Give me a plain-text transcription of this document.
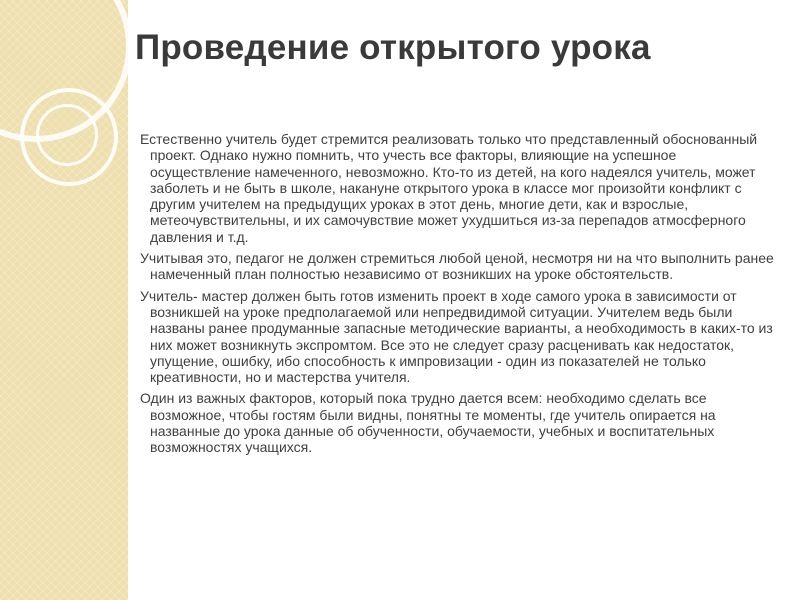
Проведение открытого урока

Естественно учитель будет стремится реализовать только что представленный обоснованный проект. Однако нужно помнить, что учесть все факторы, влияющие на успешное осуществление намеченного, невозможно. Кто-то из детей, на кого надеялся учитель, может заболеть и не быть в школе, накануне открытого урока в классе мог произойти конфликт с другим учителем на предыдущих уроках в этот день, многие дети, как и взрослые, метеочувствительны, и их самочувствие может ухудшиться из-за перепадов атмосферного давления и т.д.

Учитывая это, педагог не должен стремиться любой ценой, несмотря ни на что выполнить ранее намеченный план полностью независимо от возникших на уроке обстоятельств.

Учитель- мастер должен быть готов изменить проект в ходе самого урока в зависимости от возникшей на уроке предполагаемой или непредвидимой ситуации. Учителем ведь были названы ранее продуманные запасные методические варианты, а необходимость в каких-то из них может возникнуть экспромтом. Все это не следует сразу расценивать как недостаток, упущение, ошибку, ибо способность к импровизации - один из показателей не только креативности, но и мастерства учителя.

Один из важных факторов, который пока трудно дается всем: необходимо сделать все возможное, чтобы гостям были видны, понятны те моменты, где учитель опирается на названные до урока данные об обученности, обучаемости, учебных и воспитательных возможностях учащихся.
